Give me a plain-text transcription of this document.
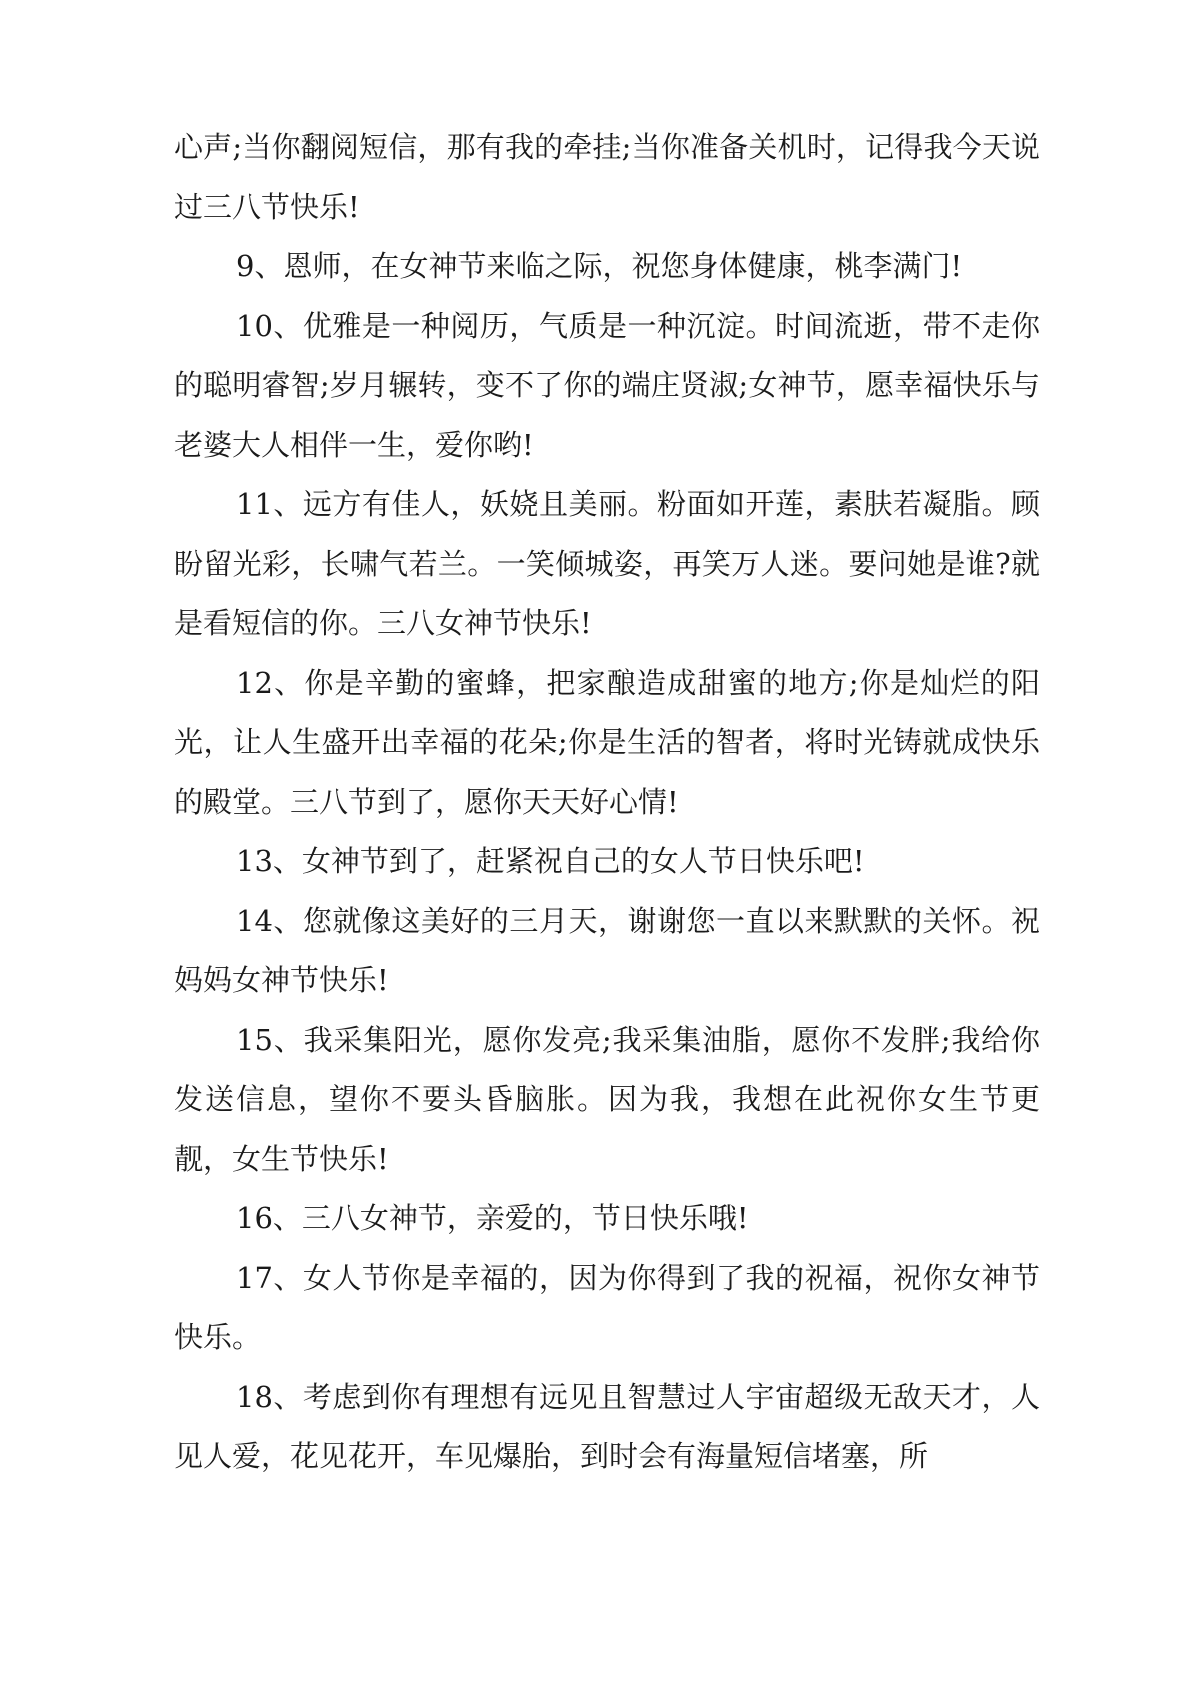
心声;当你翻阅短信，那有我的牵挂;当你准备关机时，记得我今天说过三八节快乐!

9、恩师，在女神节来临之际，祝您身体健康，桃李满门!

10、优雅是一种阅历，气质是一种沉淀。时间流逝，带不走你的聪明睿智;岁月辗转，变不了你的端庄贤淑;女神节，愿幸福快乐与老婆大人相伴一生，爱你哟!

11、远方有佳人，妖娆且美丽。粉面如开莲，素肤若凝脂。顾盼留光彩，长啸气若兰。一笑倾城姿，再笑万人迷。要问她是谁?就是看短信的你。三八女神节快乐!

12、你是辛勤的蜜蜂，把家酿造成甜蜜的地方;你是灿烂的阳光，让人生盛开出幸福的花朵;你是生活的智者，将时光铸就成快乐的殿堂。三八节到了，愿你天天好心情!

13、女神节到了，赶紧祝自己的女人节日快乐吧!

14、您就像这美好的三月天，谢谢您一直以来默默的关怀。祝妈妈女神节快乐!

15、我采集阳光，愿你发亮;我采集油脂，愿你不发胖;我给你发送信息，望你不要头昏脑胀。因为我，我想在此祝你女生节更靓，女生节快乐!

16、三八女神节，亲爱的，节日快乐哦!

17、女人节你是幸福的，因为你得到了我的祝福，祝你女神节快乐。

18、考虑到你有理想有远见且智慧过人宇宙超级无敌天才，人见人爱，花见花开，车见爆胎，到时会有海量短信堵塞，所
